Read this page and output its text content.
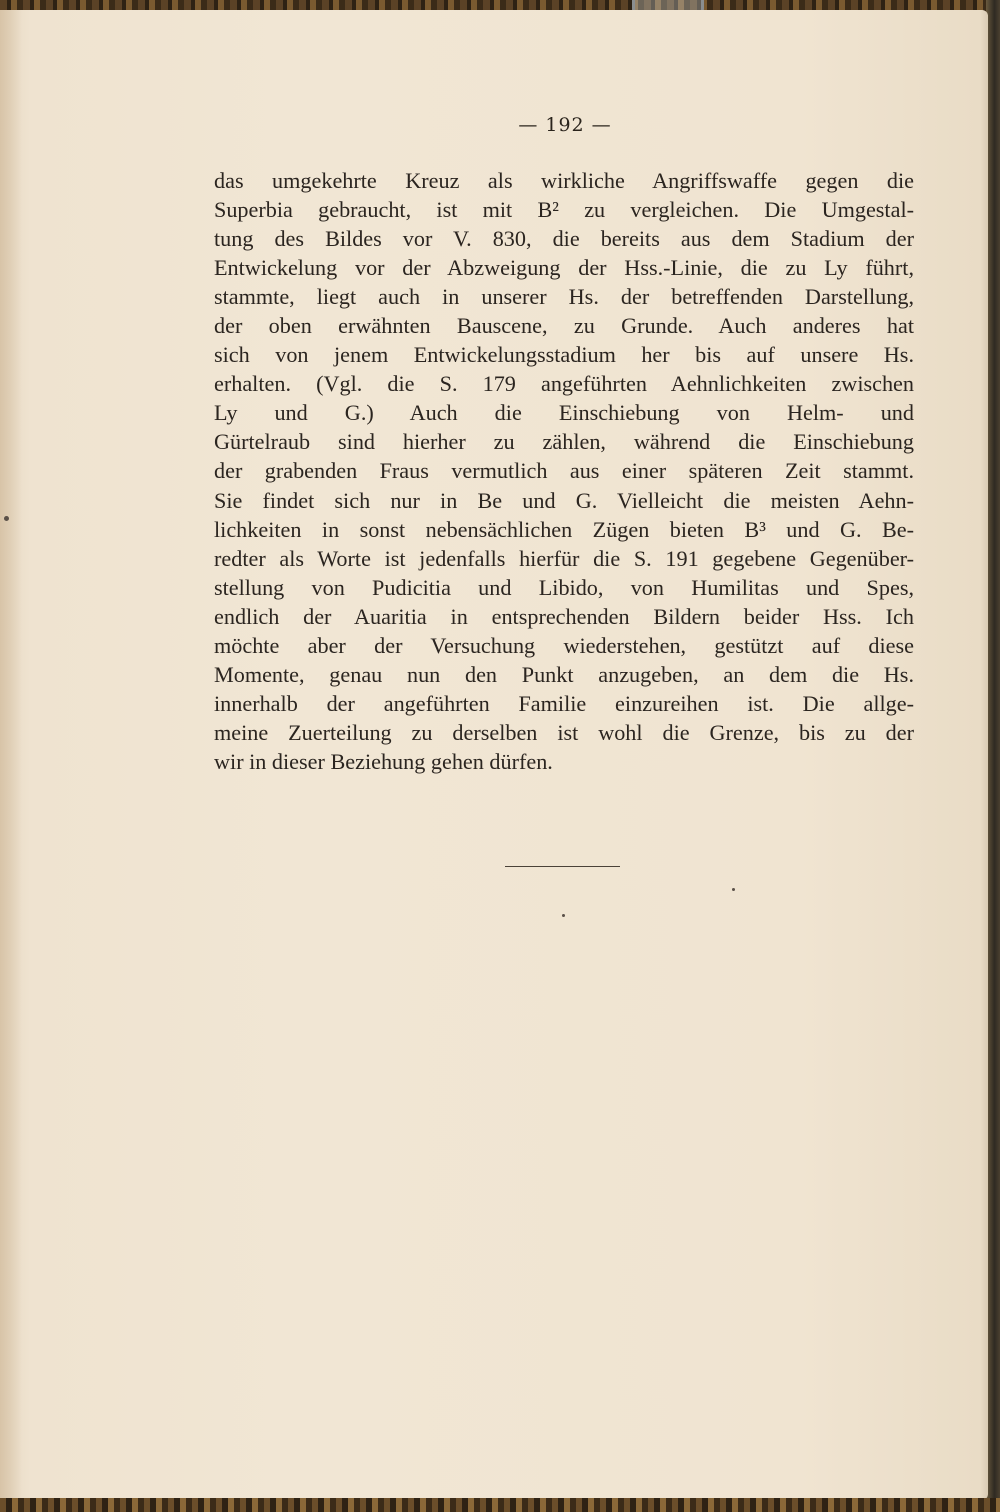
— 192 —
das umgekehrte Kreuz als wirkliche Angriffswaffe gegen die
Superbia gebraucht, ist mit B² zu vergleichen. Die Umgestal-
tung des Bildes vor V. 830, die bereits aus dem Stadium der
Entwickelung vor der Abzweigung der Hss.-Linie, die zu Ly führt,
stammte, liegt auch in unserer Hs. der betreffenden Darstellung,
der oben erwähnten Bauscene, zu Grunde. Auch anderes hat
sich von jenem Entwickelungsstadium her bis auf unsere Hs.
erhalten. (Vgl. die S. 179 angeführten Aehnlichkeiten zwischen
Ly und G.) Auch die Einschiebung von Helm- und
Gürtelraub sind hierher zu zählen, während die Einschiebung
der grabenden Fraus vermutlich aus einer späteren Zeit stammt.
Sie findet sich nur in Be und G. Vielleicht die meisten Aehn-
lichkeiten in sonst nebensächlichen Zügen bieten B³ und G. Be-
redter als Worte ist jedenfalls hierfür die S. 191 gegebene Gegenüber-
stellung von Pudicitia und Libido, von Humilitas und Spes,
endlich der Auaritia in entsprechenden Bildern beider Hss. Ich
möchte aber der Versuchung wiederstehen, gestützt auf diese
Momente, genau nun den Punkt anzugeben, an dem die Hs.
innerhalb der angeführten Familie einzureihen ist. Die allge-
meine Zuerteilung zu derselben ist wohl die Grenze, bis zu der
wir in dieser Beziehung gehen dürfen.
